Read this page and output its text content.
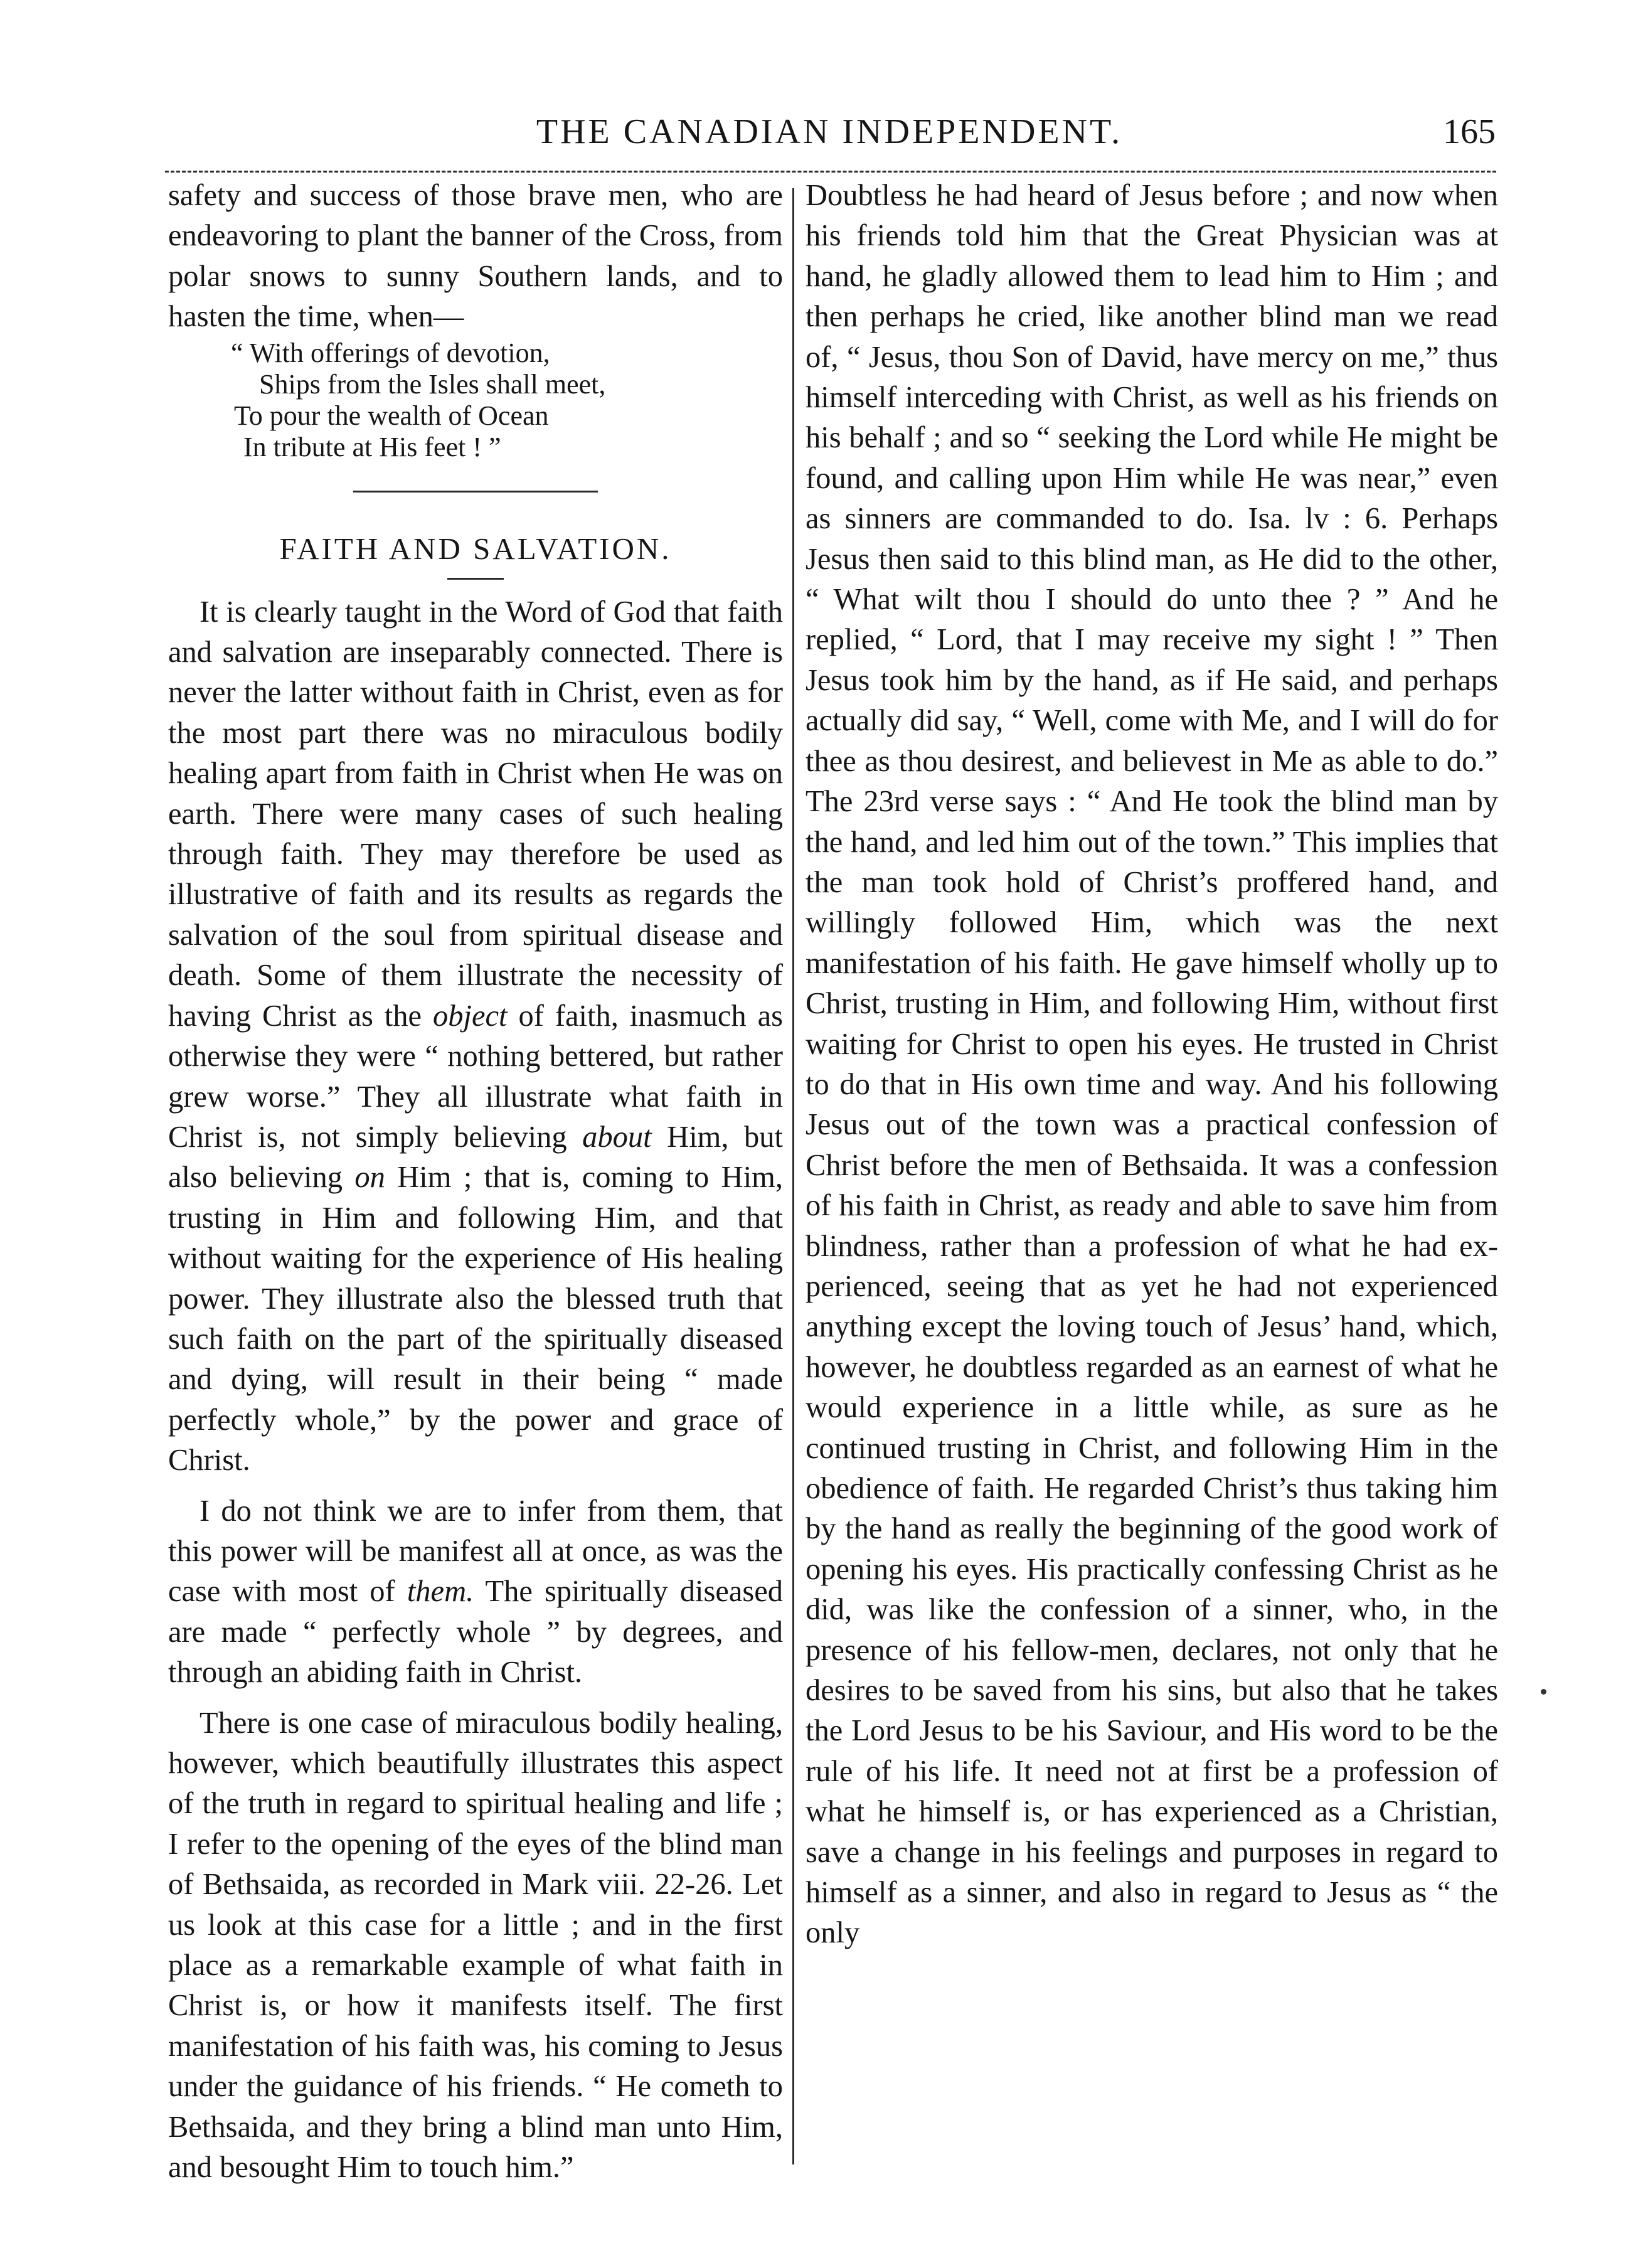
THE CANADIAN INDEPENDENT.	165

safety and success of those brave men, who are endeavoring to plant the banner of the Cross, from polar snows to sunny Southern lands, and to hasten the time, when—

“ With offerings of devotion,
Ships from the Isles shall meet,
To pour the wealth of Ocean
In tribute at His feet ! ”
FAITH AND SALVATION.

It is clearly taught in the Word of God that faith and salvation are inseparably connected. There is never the latter without faith in Christ, even as for the most part there was no miraculous bodily healing apart from faith in Christ when He was on earth. There were many cases of such healing through faith. They may therefore be used as illustrative of faith and its results as regards the salvation of the soul from spiritual disease and death. Some of them illustrate the necessity of having Christ as the object of faith, inasmuch as otherwise they were “ nothing bettered, but rather grew worse.” They all illustrate what faith in Christ is, not simply believing about Him, but also believing on Him ; that is, coming to Him, trusting in Him and following Him, and that without waiting for the experience of His healing power. They illustrate also the blessed truth that such faith on the part of the spiritually diseased and dying, will result in their being “ made perfectly whole,” by the power and grace of Christ.

I do not think we are to infer from them, that this power will be manifest all at once, as was the case with most of them. The spiritually diseased are made “ perfectly whole ” by degrees, and through an abiding faith in Christ.

There is one case of miraculous bodily healing, however, which beautifully illustrates this aspect of the truth in regard to spiritual healing and life ; I refer to the opening of the eyes of the blind man of Bethsaida, as recorded in Mark viii. 22-26. Let us look at this case for a little ; and in the first place as a remarkable example of what faith in Christ is, or how it manifests itself. The first manifestation of his faith was, his coming to Jesus under the guidance of his friends. “ He cometh to Bethsaida, and they bring a blind man unto Him, and besought Him to touch him.”

Doubtless he had heard of Jesus before ; and now when his friends told him that the Great Physician was at hand, he gladly allowed them to lead him to Him ; and then perhaps he cried, like another blind man we read of, “ Jesus, thou Son of David, have mercy on me,” thus himself interceding with Christ, as well as his friends on his behalf ; and so “ seeking the Lord while He might be found, and calling upon Him while He was near,” even as sinners are commanded to do. Isa. lv : 6. Perhaps Jesus then said to this blind man, as He did to the other, “ What wilt thou I should do unto thee ? ” And he replied, “ Lord, that I may receive my sight ! ” Then Jesus took him by the hand, as if He said, and perhaps actually did say, “ Well, come with Me, and I will do for thee as thou desirest, and believest in Me as able to do.” The 23rd verse says : “ And He took the blind man by the hand, and led him out of the town.” This implies that the man took hold of Christ’s proffered hand, and willingly followed Him, which was the next manifestation of his faith. He gave himself wholly up to Christ, trusting in Him, and following Him, without first waiting for Christ to open his eyes. He trusted in Christ to do that in His own time and way. And his following Jesus out of the town was a practical confession of Christ before the men of Bethsaida. It was a confession of his faith in Christ, as ready and able to save him from blindness, rather than a profession of what he had experienced, seeing that as yet he had not experienced anything except the loving touch of Jesus’ hand, which, however, he doubtless regarded as an earnest of what he would experience in a little while, as sure as he continued trusting in Christ, and following Him in the obedience of faith. He regarded Christ’s thus taking him by the hand as really the beginning of the good work of opening his eyes. His practically confessing Christ as he did, was like the confession of a sinner, who, in the presence of his fellow-men, declares, not only that he desires to be saved from his sins, but also that he takes the Lord Jesus to be his Saviour, and His word to be the rule of his life. It need not at first be a profession of what he himself is, or has experienced as a Christian, save a change in his feelings and purposes in regard to himself as a sinner, and also in regard to Jesus as “ the only
